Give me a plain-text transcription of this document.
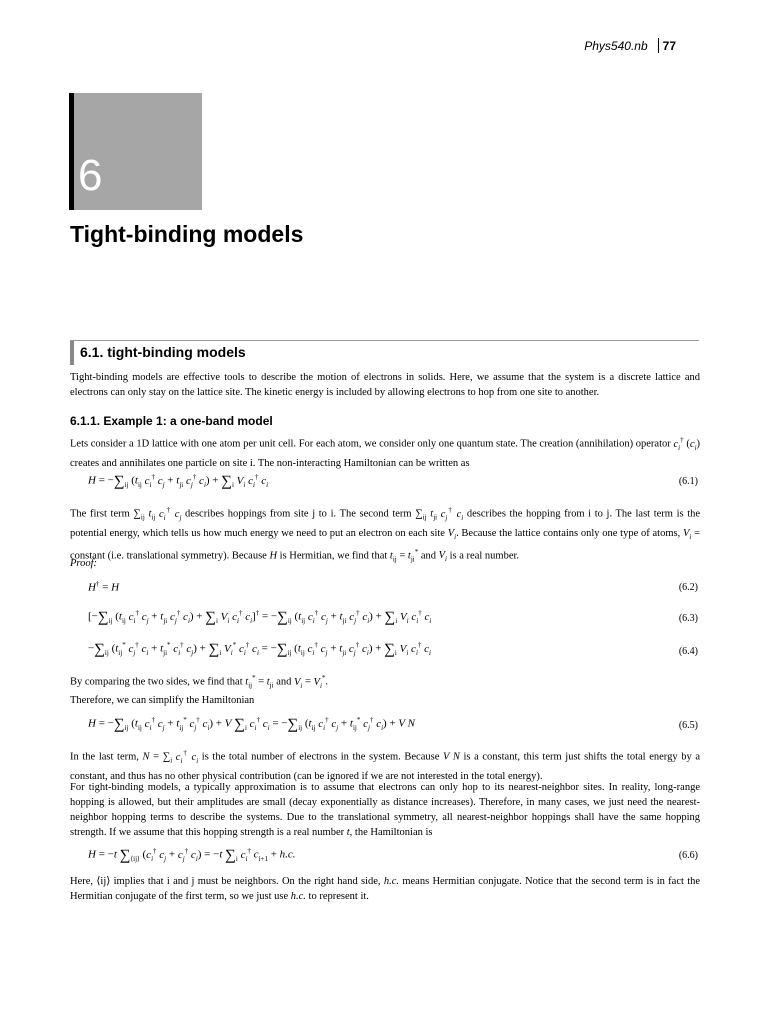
Phys540.nb 77
6
Tight-binding models
6.1. tight-binding models
Tight-binding models are effective tools to describe the motion of electrons in solids. Here, we assume that the system is a discrete lattice and electrons can only stay on the lattice site. The kinetic energy is included by allowing electrons to hop from one site to another.
6.1.1. Example 1: a one-band model
Lets consider a 1D lattice with one atom per unit cell. For each atom, we consider only one quantum state. The creation (annihilation) operator $c_i^\dagger$ $(c_i)$ creates and annihilates one particle on site i. The non-interacting Hamiltonian can be written as
$H = -\sum_{ij}$ ($t_{ij}$ $c_i^\dagger$ $c_j + t_{ji}$ $c_j^\dagger$ $c_i) + \sum_i$ $V_i$ $c_i^\dagger$ $c_i$	(6.1)
The first term $\sum_{ij}$ $t_{ij}$ $c_i^\dagger$ $c_j$ describes hoppings from site j to i. The second term $\sum_{ij}$ $t_{ji}$ $c_j^\dagger$ $c_i$ describes the hopping from i to j. The last term is the potential energy, which tells us how much energy we need to put an electron on each site $V_i$. Because the lattice contains only one type of atoms, $V_i$ = constant (i.e. translational symmetry). Because H is Hermitian, we find that $t_{ij} = t_{ji}^*$ and $V_i$ is a real number.
Proof:
H† = H	(6.2)
[$-\sum_{ij}$ ($t_{ij}$ $c_i^\dagger$ $c_j + t_{ji}$ $c_j^\dagger$ $c_i) + \sum_i$ $V_i$ $c_i^\dagger$ $c_i]^\dagger = -\sum_{ij}$ ($t_{ij}$ $c_i^\dagger$ $c_j + t_{ji}$ $c_j^\dagger$ $c_i) + \sum_i$ $V_i$ $c_i^\dagger$ $c_i$	(6.3)
$-\sum_{ij}$ ($t_{ij}^*$ $c_j^\dagger$ $c_i + t_{ji}^*$ $c_i^\dagger$ $c_j) + \sum_i$ $V_i^*$ $c_i^\dagger$ $c_i = -\sum_{ij}$ ($t_{ij}$ $c_i^\dagger$ $c_j + t_{ji}$ $c_j^\dagger$ $c_i) + \sum_i$ $V_i$ $c_i^\dagger$ $c_i$	(6.4)
By comparing the two sides, we find that $t_{ij}^* = t_{ji}$ and $V_i = V_i^*$.
Therefore, we can simplify the Hamiltonian
$H = -\sum_{ij}$ ($t_{ij}$ $c_i^\dagger$ $c_j + t_{ij}^*$ $c_j^\dagger$ $c_i) + V$ $\sum_i$ $c_i^\dagger$ $c_i = -\sum_{ij}$ ($t_{ij}$ $c_i^\dagger$ $c_j + t_{ij}^*$ $c_j^\dagger$ $c_i) + V$ N	(6.5)
In the last term, $N = \sum_i$ $c_i^\dagger$ $c_i$ is the total number of electrons in the system. Because V N is a constant, this term just shifts the total energy by a constant, and thus has no other physical contribution (can be ignored if we are not interested in the total energy).
For tight-binding models, a typically approximation is to assume that electrons can only hop to its nearest-neighbor sites. In reality, long-range hopping is allowed, but their amplitudes are small (decay exponentially as distance increases). Therefore, in many cases, we just need the nearest-neighbor hopping terms to describe the systems. Due to the translational symmetry, all nearest-neighbor hoppings shall have the same hopping strength. If we assume that this hopping strength is a real number t, the Hamiltonian is
H = −t $\sum_{⟨ij⟩}$ ($c_i^\dagger$ $c_j + c_j^\dagger$ $c_i) = -t$ $\sum_i$ $c_i^\dagger$ $c_{i+1} + h.c$.	(6.6)
Here, ⟨ij⟩ implies that i and j must be neighbors. On the right hand side, h.c. means Hermitian conjugate. Notice that the second term is in fact the Hermitian conjugate of the first term, so we just use h.c. to represent it.
